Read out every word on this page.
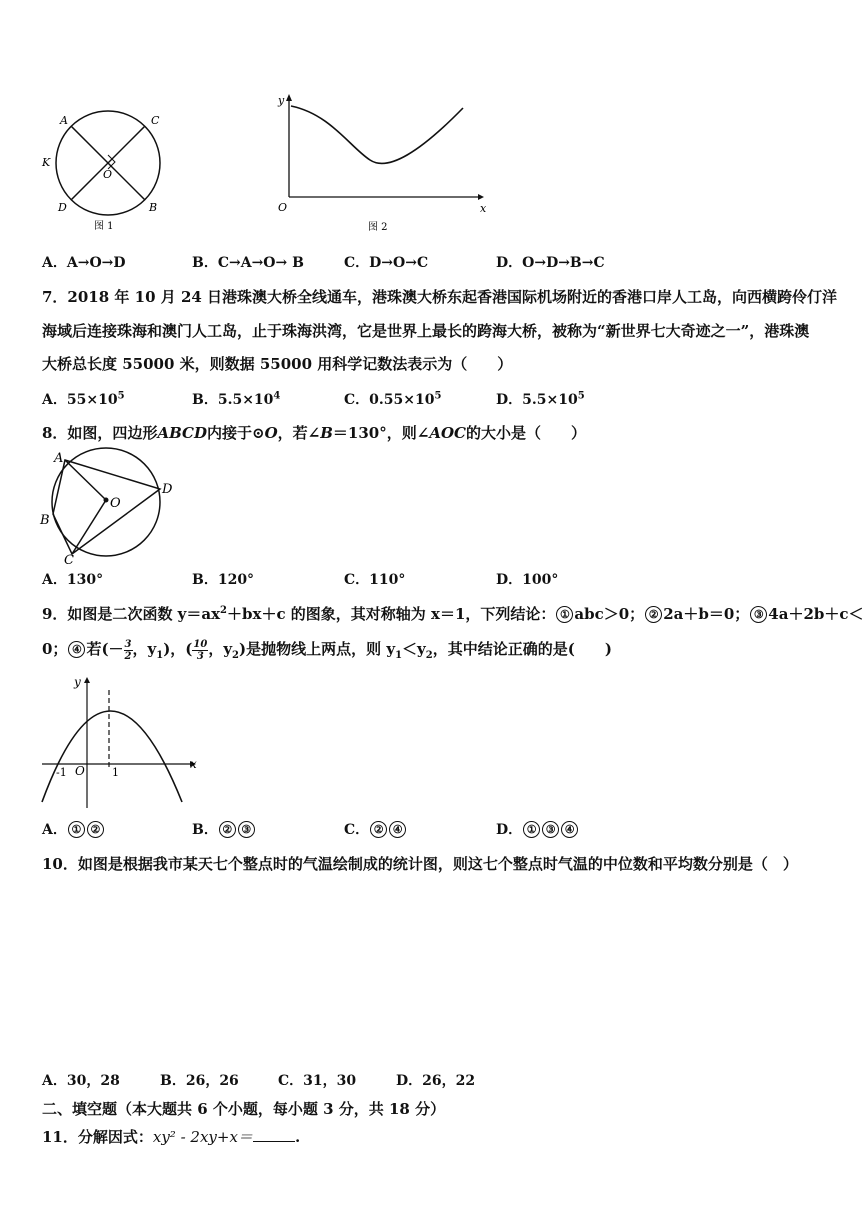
A	C
K
O
D	B
图 1
y
x
O
图 2
A．A→O→D	B．C→A→O→ B	C．D→O→C	D．O→D→B→C
7．2018 年 10 月 24 日港珠澳大桥全线通车，港珠澳大桥东起香港国际机场附近的香港口岸人工岛，向西横跨伶仃洋
海域后连接珠海和澳门人工岛，止于珠海洪湾，它是世界上最长的跨海大桥，被称为“新世界七大奇迹之一”，港珠澳
大桥总长度 55000 米，则数据 55000 用科学记数法表示为（　　）
A．$55\times 10^5$	B．$5.5\times 10^4$	C．$0.55\times 10^5$	D．$5.5\times 10^5$
8．如图，四边形ABCD内接于⊙O，若∠B＝130°，则∠AOC的大小是（　　）
A
D
O
B
C
A．130°	B．120°	C．110°	D．100°
9．如图是二次函数 $y=ax^2+bx+c$ 的图象，其对称轴为 x＝1，下列结论： ① abc＞0； ② 2a＋b＝0； ③ 4a＋2b＋c＜
0； ④ 若(－ $\frac{3}{2}$ ，$y_1$)，( $\frac{10}{3}$ ，$y_2$)是抛物线上两点，则 $y_1<y_2$，其中结论正确的是(　　)
y
x
O
-1	1
A． ① ②	B． ② ③	C． ② ④	D． ① ③ ④
10．如图是根据我市某天七个整点时的气温绘制成的统计图，则这七个整点时气温的中位数和平均数分别是（　）
A．30，28	B．26，26	C．31，30	D．26，22
二、填空题（本大题共 6 个小题，每小题 3 分，共 18 分）
11．分解因式：xy² - 2xy+x＝	.
